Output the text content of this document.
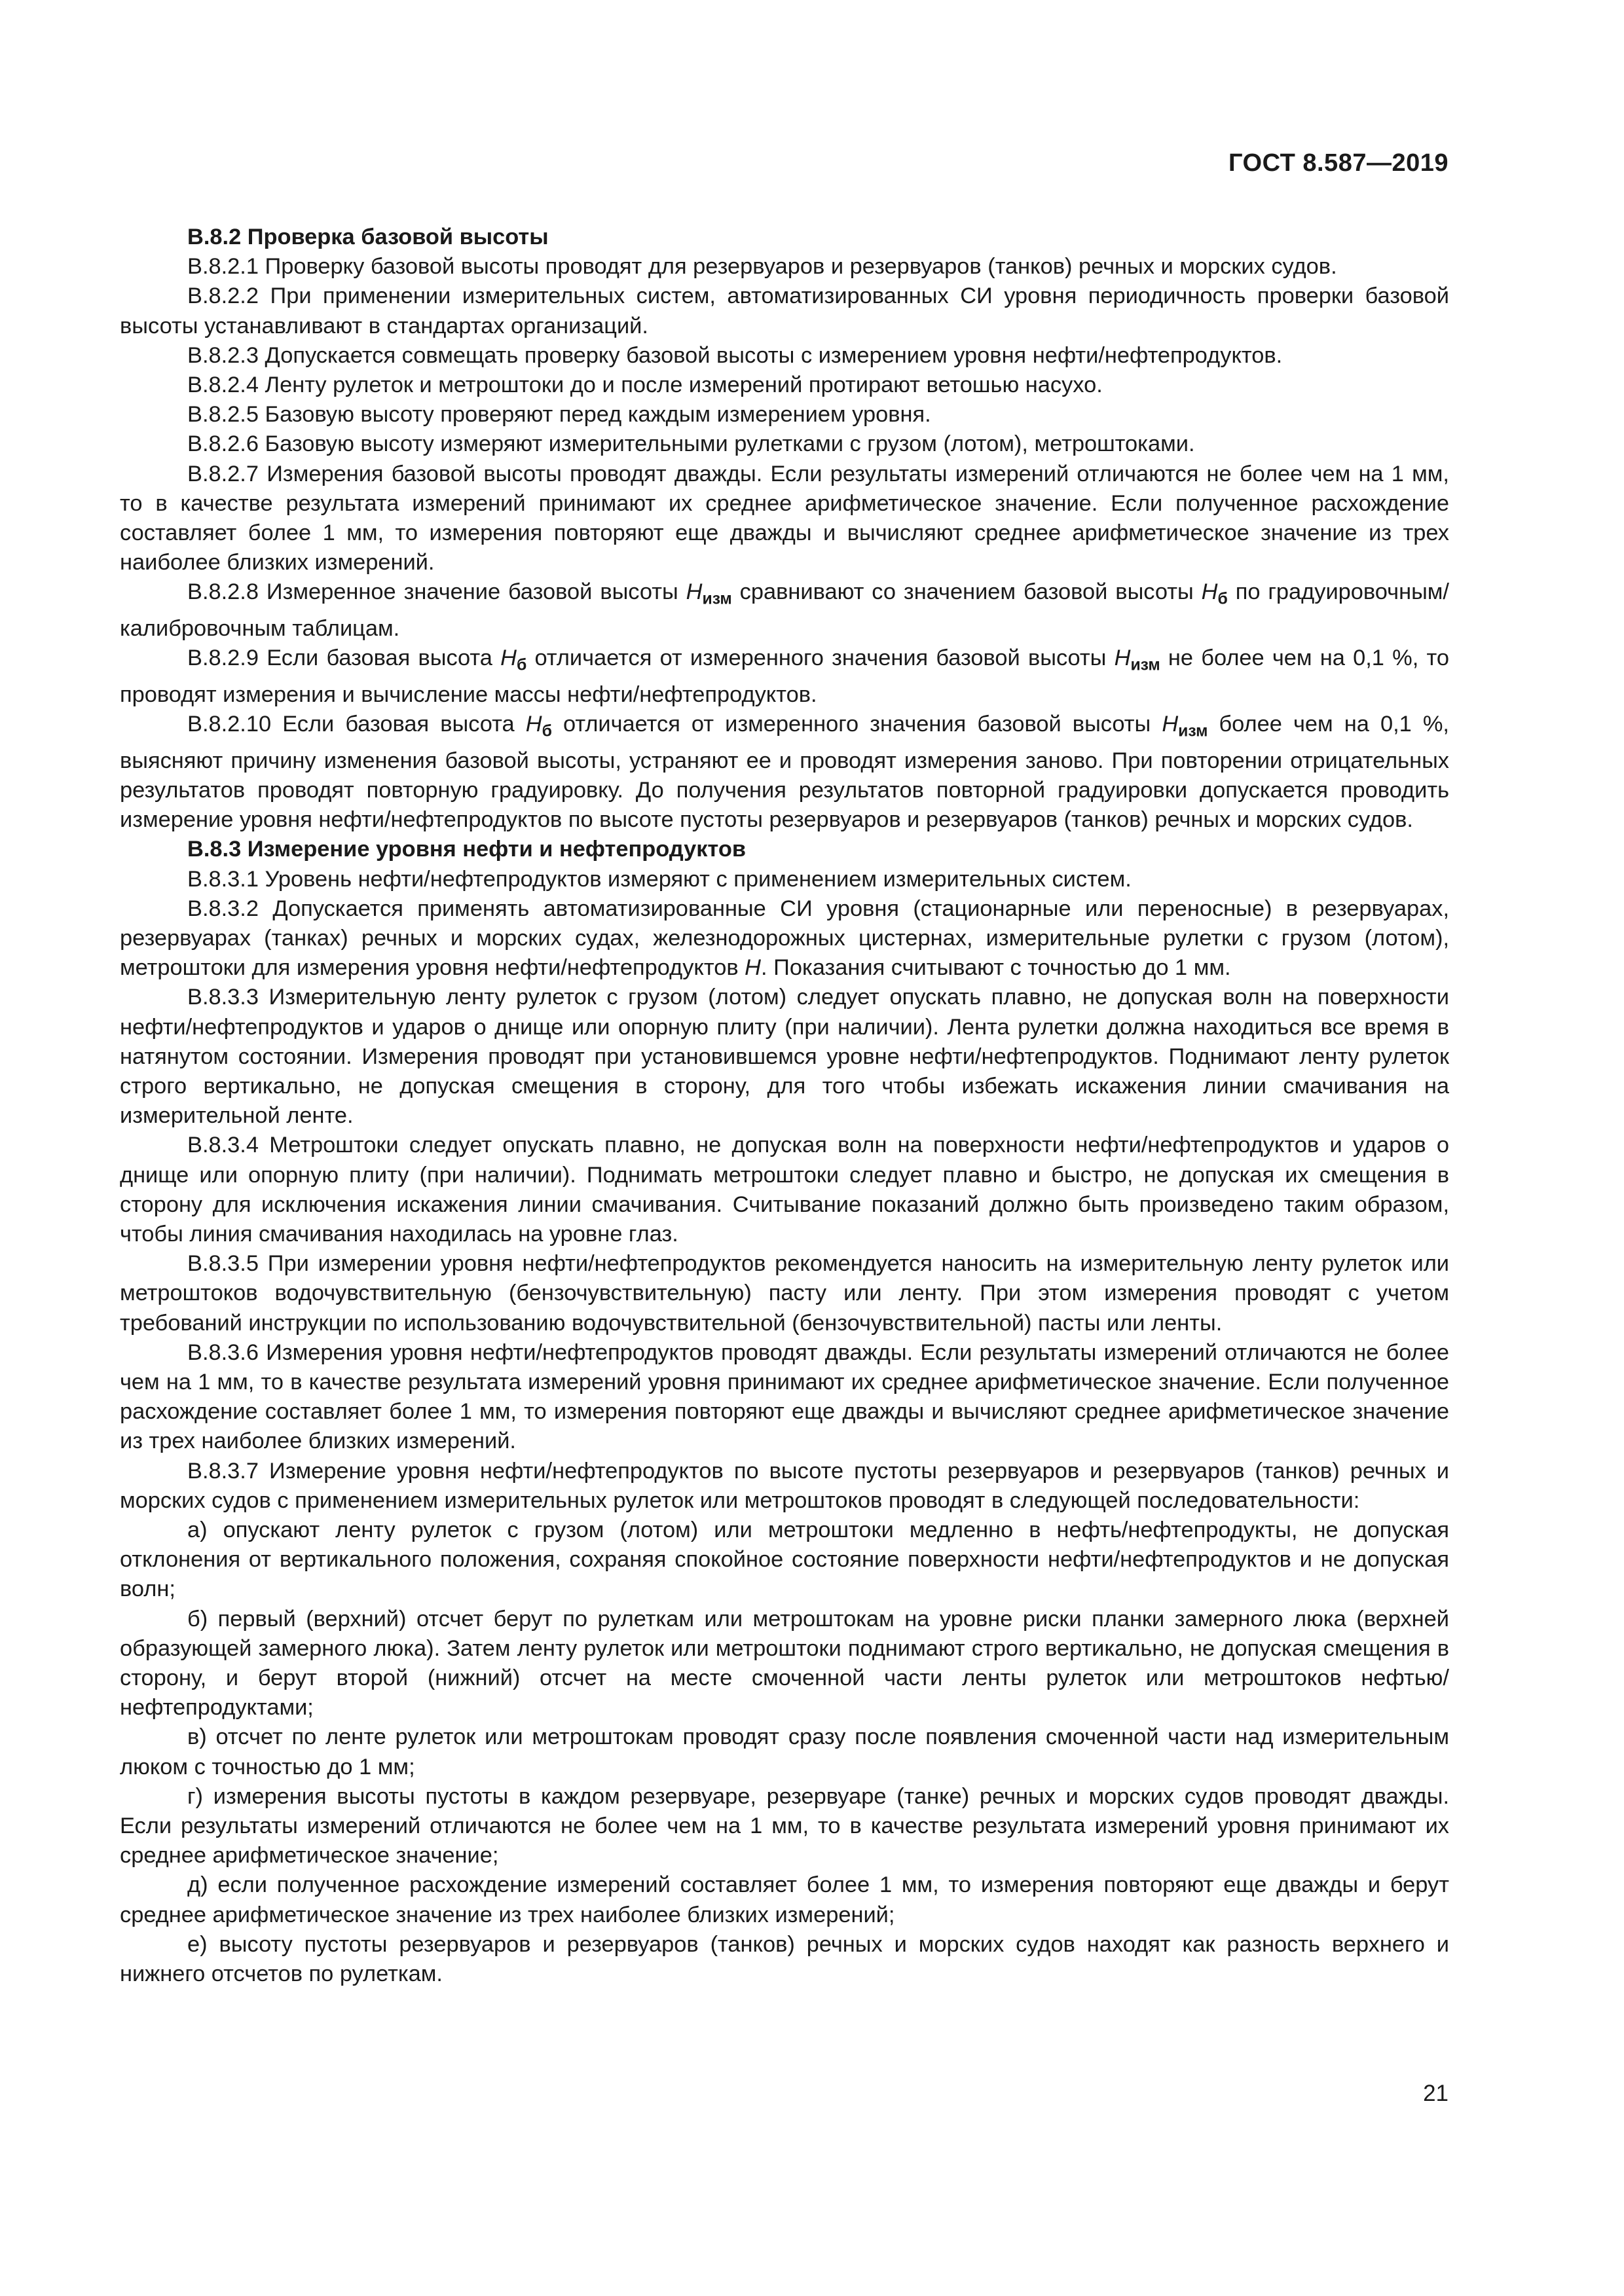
ГОСТ 8.587—2019

В.8.2 Проверка базовой высоты

В.8.2.1 Проверку базовой высоты проводят для резервуаров и резервуаров (танков) речных и морских судов.

В.8.2.2 При применении измерительных систем, автоматизированных СИ уровня периодичность проверки базовой высоты устанавливают в стандартах организаций.

В.8.2.3 Допускается совмещать проверку базовой высоты с измерением уровня нефти/нефтепродуктов.

В.8.2.4 Ленту рулеток и метроштоки до и после измерений протирают ветошью насухо.

В.8.2.5 Базовую высоту проверяют перед каждым измерением уровня.

В.8.2.6 Базовую высоту измеряют измерительными рулетками с грузом (лотом), метроштоками.

В.8.2.7 Измерения базовой высоты проводят дважды. Если результаты измерений отличаются не более чем на 1 мм, то в качестве результата измерений принимают их среднее арифметическое значение. Если полученное расхождение составляет более 1 мм, то измерения повторяют еще дважды и вычисляют среднее арифметическое значение из трех наиболее близких измерений.

В.8.2.8 Измеренное значение базовой высоты $H_{изм}$ сравнивают со значением базовой высоты $H_б$ по градуировочным/калибровочным таблицам.

В.8.2.9 Если базовая высота $H_б$ отличается от измеренного значения базовой высоты $H_{изм}$ не более чем на 0,1 %, то проводят измерения и вычисление массы нефти/нефтепродуктов.

В.8.2.10 Если базовая высота $H_б$ отличается от измеренного значения базовой высоты $H_{изм}$ более чем на 0,1 %, выясняют причину изменения базовой высоты, устраняют ее и проводят измерения заново. При повторении отрицательных результатов проводят повторную градуировку. До получения результатов повторной градуировки допускается проводить измерение уровня нефти/нефтепродуктов по высоте пустоты резервуаров и резервуаров (танков) речных и морских судов.

В.8.3 Измерение уровня нефти и нефтепродуктов

В.8.3.1 Уровень нефти/нефтепродуктов измеряют с применением измерительных систем.

В.8.3.2 Допускается применять автоматизированные СИ уровня (стационарные или переносные) в резервуарах, резервуарах (танках) речных и морских судах, железнодорожных цистернах, измерительные рулетки с грузом (лотом), метроштоки для измерения уровня нефти/нефтепродуктов H. Показания считывают с точностью до 1 мм.

В.8.3.3 Измерительную ленту рулеток с грузом (лотом) следует опускать плавно, не допуская волн на поверхности нефти/нефтепродуктов и ударов о днище или опорную плиту (при наличии). Лента рулетки должна находиться все время в натянутом состоянии. Измерения проводят при установившемся уровне нефти/нефтепродуктов. Поднимают ленту рулеток строго вертикально, не допуская смещения в сторону, для того чтобы избежать искажения линии смачивания на измерительной ленте.

В.8.3.4 Метроштоки следует опускать плавно, не допуская волн на поверхности нефти/нефтепродуктов и ударов о днище или опорную плиту (при наличии). Поднимать метроштоки следует плавно и быстро, не допуская их смещения в сторону для исключения искажения линии смачивания. Считывание показаний должно быть произведено таким образом, чтобы линия смачивания находилась на уровне глаз.

В.8.3.5 При измерении уровня нефти/нефтепродуктов рекомендуется наносить на измерительную ленту рулеток или метроштоков водочувствительную (бензочувствительную) пасту или ленту. При этом измерения проводят с учетом требований инструкции по использованию водочувствительной (бензочувствительной) пасты или ленты.

В.8.3.6 Измерения уровня нефти/нефтепродуктов проводят дважды. Если результаты измерений отличаются не более чем на 1 мм, то в качестве результата измерений уровня принимают их среднее арифметическое значение. Если полученное расхождение составляет более 1 мм, то измерения повторяют еще дважды и вычисляют среднее арифметическое значение из трех наиболее близких измерений.

В.8.3.7 Измерение уровня нефти/нефтепродуктов по высоте пустоты резервуаров и резервуаров (танков) речных и морских судов с применением измерительных рулеток или метроштоков проводят в следующей последовательности:

а) опускают ленту рулеток с грузом (лотом) или метроштоки медленно в нефть/нефтепродукты, не допуская отклонения от вертикального положения, сохраняя спокойное состояние поверхности нефти/нефтепродуктов и не допуская волн;

б) первый (верхний) отсчет берут по рулеткам или метроштокам на уровне риски планки замерного люка (верхней образующей замерного люка). Затем ленту рулеток или метроштоки поднимают строго вертикально, не допуская смещения в сторону, и берут второй (нижний) отсчет на месте смоченной части ленты рулеток или метроштоков нефтью/нефтепродуктами;

в) отсчет по ленте рулеток или метроштокам проводят сразу после появления смоченной части над измерительным люком с точностью до 1 мм;

г) измерения высоты пустоты в каждом резервуаре, резервуаре (танке) речных и морских судов проводят дважды. Если результаты измерений отличаются не более чем на 1 мм, то в качестве результата измерений уровня принимают их среднее арифметическое значение;

д) если полученное расхождение измерений составляет более 1 мм, то измерения повторяют еще дважды и берут среднее арифметическое значение из трех наиболее близких измерений;

е) высоту пустоты резервуаров и резервуаров (танков) речных и морских судов находят как разность верхнего и нижнего отсчетов по рулеткам.

21
